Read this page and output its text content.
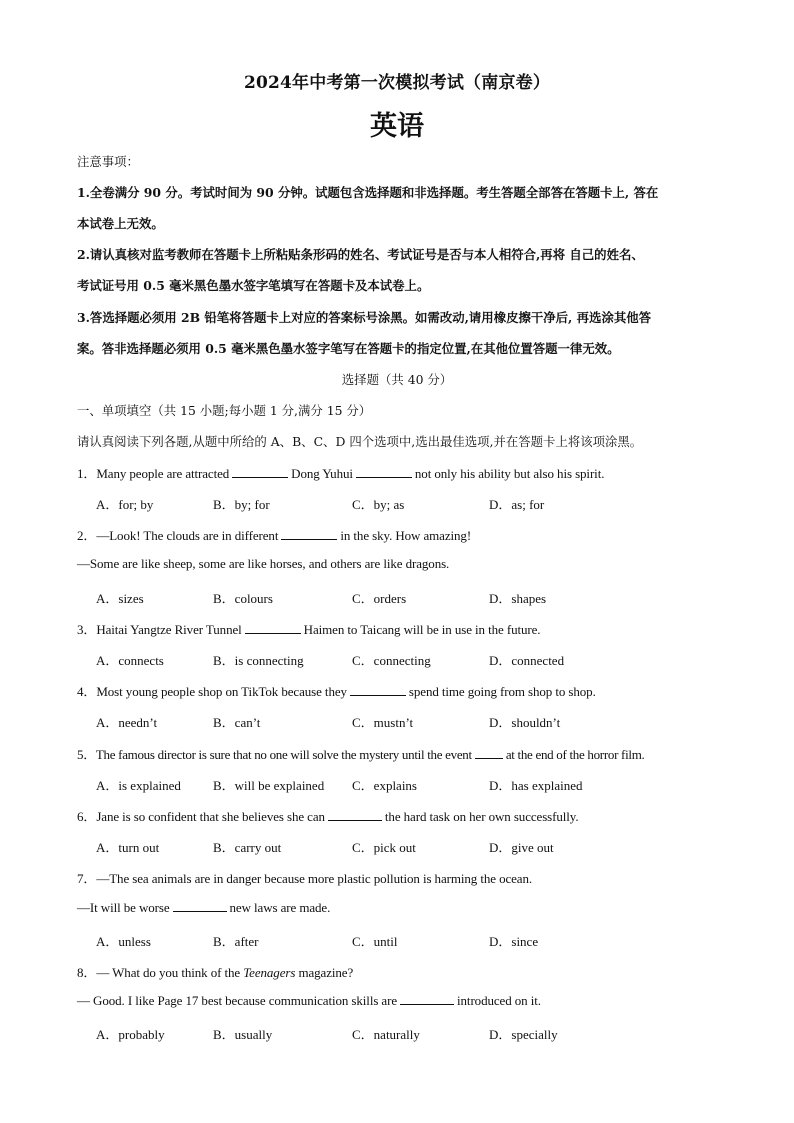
2024年中考第一次模拟考试（南京卷）
英语
注意事项：
1.全卷满分 90 分。考试时间为 90 分钟。试题包含选择题和非选择题。考生答题全部答在答题卡上, 答在
本试卷上无效。
2.请认真核对监考教师在答题卡上所粘贴条形码的姓名、考试证号是否与本人相符合,再将 自己的姓名、
考试证号用 0.5 毫米黑色墨水签字笔填写在答题卡及本试卷上。
3.答选择题必须用 2B 铅笔将答题卡上对应的答案标号涂黑。如需改动,请用橡皮擦干净后, 再选涂其他答
案。答非选择题必须用 0.5 毫米黑色墨水签字笔写在答题卡的指定位置,在其他位置答题一律无效。
选择题（共 40 分）
一、单项填空（共 15 小题;每小题 1 分,满分 15 分）
请认真阅读下列各题,从题中所给的 A、B、C、D 四个选项中,选出最佳选项,并在答题卡上将该项涂黑。
1．Many people are attracted	Dong Yuhui	not only his ability but also his spirit.
A．for; by	B．by; for	C．by; as	D．as; for
2．—Look! The clouds are in different	in the sky. How amazing!
—Some are like sheep, some are like horses, and others are like dragons.
A．sizes	B．colours	C．orders	D．shapes
3．Haitai Yangtze River Tunnel	Haimen to Taicang will be in use in the future.
A．connects	B．is connecting	C．connecting	D．connected
4．Most young people shop on TikTok because they	spend time going from shop to shop.
A．needn’t	B．can’t	C．mustn’t	D．shouldn’t
5．The famous director is sure that no one will solve the mystery until the event	at the end of the horror film.
A．is explained B．will be explained C．explains	D．has explained
6．Jane is so confident that she believes she can	the hard task on her own successfully.
A．turn out	B．carry out	C．pick out	D．give out
7．—The sea animals are in danger because more plastic pollution is harming the ocean.
—It will be worse	new laws are made.
A．unless	B．after	C．until	D．since
8．— What do you think of the Teenagers magazine?
— Good. I like Page 17 best because communication skills are	introduced on it.
A．probably	B．usually	C．naturally	D．specially
